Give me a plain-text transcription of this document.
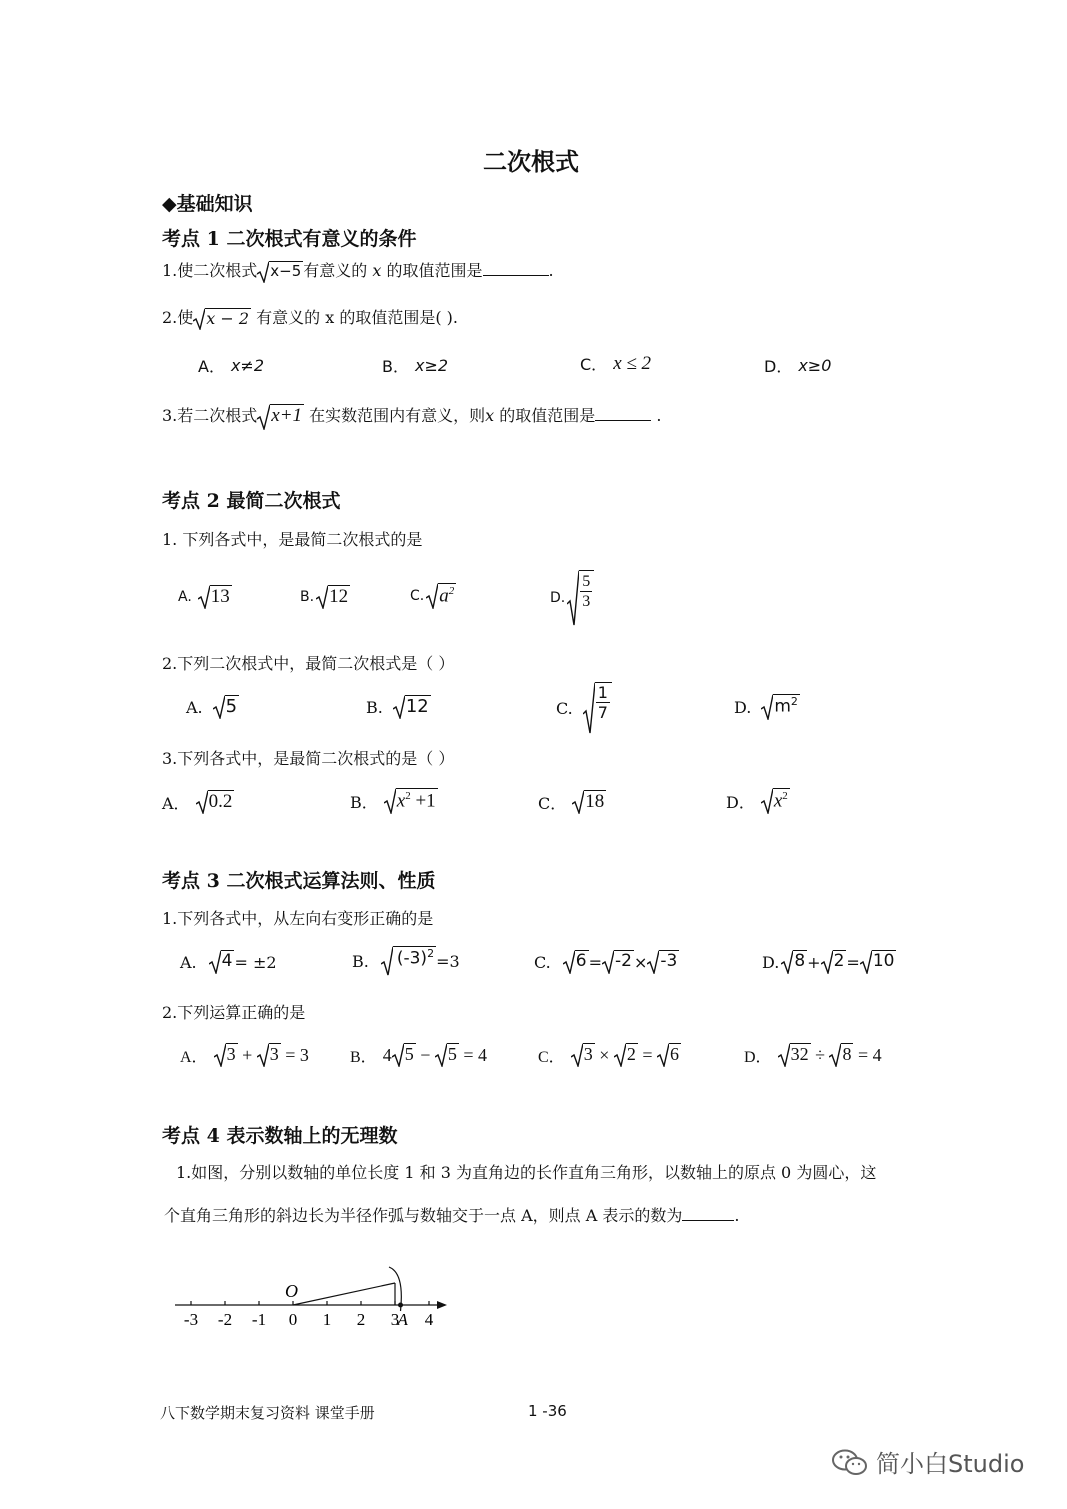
二次根式
◆基础知识
考点 1 二次根式有意义的条件
1.使二次根式 x−5 有意义的 x 的取值范围是	.
2.使 x − 2 有意义的 x 的取值范围是( ).
A． x≠2	B． x≥2	C． x ≤ 2	D． x≥0
3.若二次根式 x+1 在实数范围内有意义，则x 的取值范围是	.
考点 2 最简二次根式
1. 下列各式中，是最简二次根式的是
A. 13	B. 12	C. $a^2$	D. $\frac{5}{3}$
2.下列二次根式中，最简二次根式是（ ）
A. 5	B. 12	C. $\frac{1}{7}$	D. $m^2$
3.下列各式中，是最简二次根式的是（ ）
A． 0.2	B． $x^2 +1$	C． 18	D． $x^2$
考点 3 二次根式运算法则、性质
1.下列各式中，从左向右变形正确的是
A. 4 = ±2	B. $(-3)^2 =3$	C. 6 = -2 × -3	D. 8 + 2 = 10
2.下列运算正确的是
A． 3 + 3 = 3	B． 4 5 − 5 = 4	C． 3 × 2 = 6	D． 32 ÷ 8 = 4
考点 4 表示数轴上的无理数
1.如图，分别以数轴的单位长度 1 和 3 为直角边的长作直角三角形，以数轴上的原点 0 为圆心，这
个直角三角形的斜边长为半径作弧与数轴交于一点 A，则点 A 表示的数为	.
-3 -2 -1 0 1 2 3 4
O
A
八下数学期末复习资料 课堂手册	1 -36
简小白Studio
